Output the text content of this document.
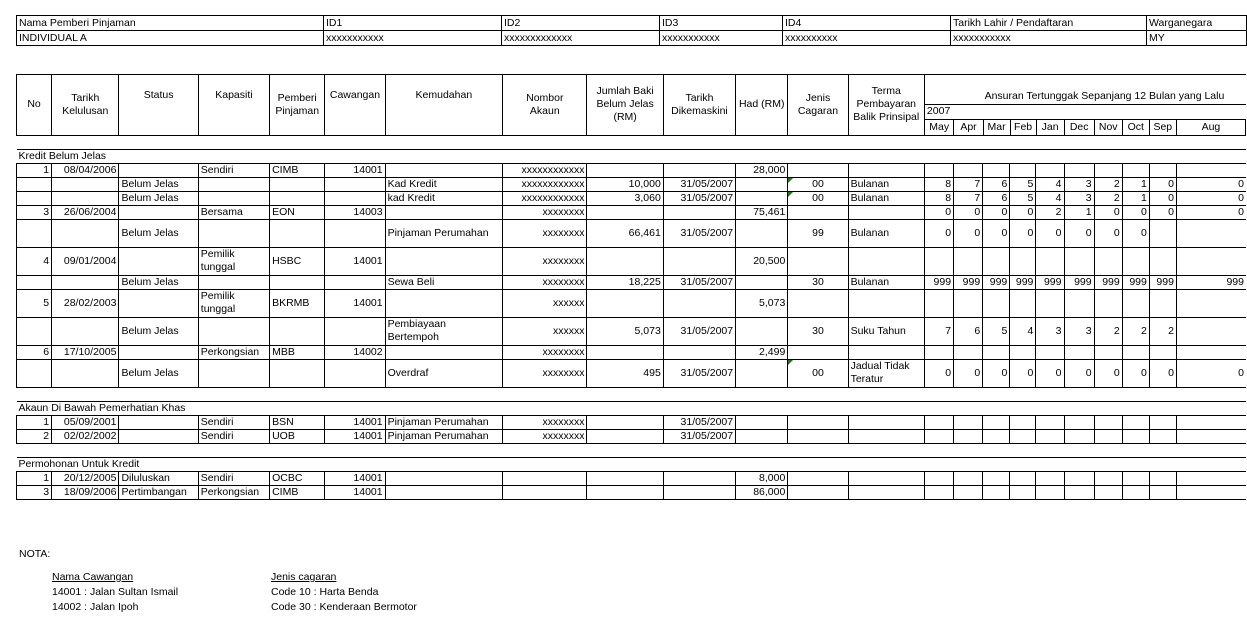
Nama Pemberi Pinjaman	ID1	ID2	ID3	ID4	Tarikh Lahir / Pendaftaran	Warganegara
INDIVIDUAL A	xxxxxxxxxxx	xxxxxxxxxxxxx	xxxxxxxxxxx	xxxxxxxxxx	xxxxxxxxxxx	MY

No	Tarikh Kelulusan	Status	Kapasiti	Pemberi Pinjaman	Cawangan	Kemudahan	Nombor Akaun	Jumlah Baki Belum Jelas (RM)	Tarikh Dikemaskini	Had (RM)	Jenis Cagaran	Terma Pembayaran Balik Prinsipal	
Ansuran Tertunggak Sepanjang 12 Bulan yang Lalu

2007
May	Apr	Mar	Feb	Jan	Dec	Nov	Oct	Sep	Aug

Kredit Belum Jelas
1	08/04/2006		Sendiri	CIMB	14001		xxxxxxxxxxxx			28,000												
		Belum Jelas				Kad Kredit	xxxxxxxxxxxx	10,000	31/05/2007		00	Bulanan	8	7	6	5	4	3	2	1	0	0
		Belum Jelas				kad Kredit	xxxxxxxxxxxx	3,060	31/05/2007		00	Bulanan	8	7	6	5	4	3	2	1	0	0
3	26/06/2004		Bersama	EON	14003		xxxxxxxx			75,461			0	0	0	0	2	1	0	0	0	0
		Belum Jelas				Pinjaman Perumahan	xxxxxxxx	66,461	31/05/2007		99	Bulanan	0	0	0	0	0	0	0	0		
4	09/01/2004		Pemilik tunggal	HSBC	14001		xxxxxxxx			20,500												
		Belum Jelas				Sewa Beli	xxxxxxxx	18,225	31/05/2007		30	Bulanan	999	999	999	999	999	999	999	999	999	999
5	28/02/2003		Pemilik tunggal	BKRMB	14001		xxxxxx			5,073												
		Belum Jelas				Pembiayaan Bertempoh	xxxxxx	5,073	31/05/2007		30	Suku Tahun	7	6	5	4	3	3	2	2	2	
6	17/10/2005		Perkongsian	MBB	14002		xxxxxxxx			2,499												
		Belum Jelas				Overdraf	xxxxxxxx	495	31/05/2007		00	Jadual Tidak Teratur	0	0	0	0	0	0	0	0	0	0

Akaun Di Bawah Pemerhatian Khas
1	05/09/2001		Sendiri	BSN	14001	Pinjaman Perumahan	xxxxxxxx		31/05/2007													
2	02/02/2002		Sendiri	UOB	14001	Pinjaman Perumahan	xxxxxxxx		31/05/2007													

Permohonan Untuk Kredit
1	20/12/2005	Diluluskan	Sendiri	OCBC	14001					8,000												
3	18/09/2006	Pertimbangan	Perkongsian	CIMB	14001					86,000												
NOTA:
Nama Cawangan
14001 : Jalan Sultan Ismail
14002 : Jalan Ipoh
Jenis cagaran
Code 10 : Harta Benda
Code 30 : Kenderaan Bermotor
